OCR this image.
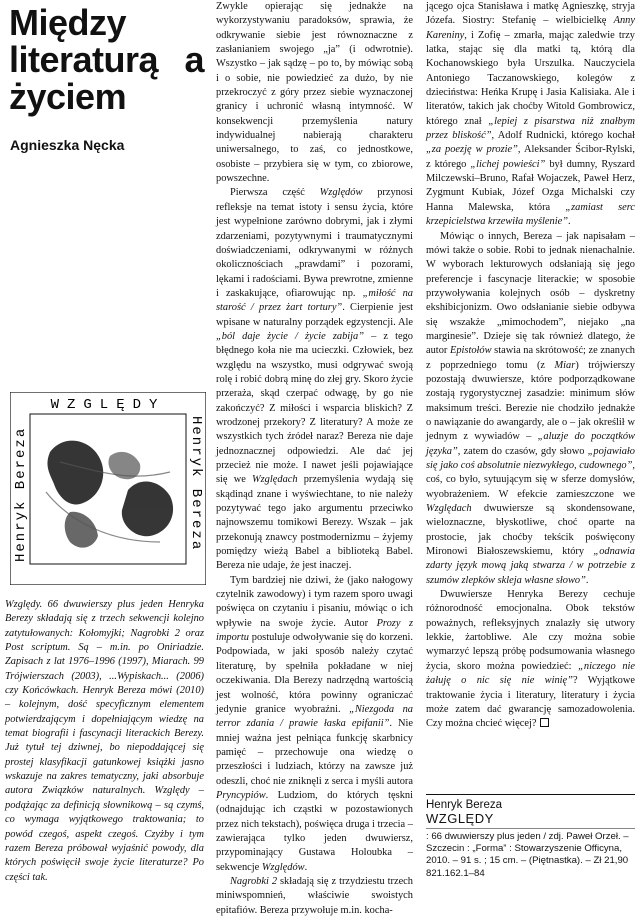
Między literaturą a życiem
Agnieszka Nęcka
WZGLĘDY
Henryk Bereza
Henryk Bereza

Względy. 66 dwuwierszy plus jeden Henryka Berezy składają się z trzech sekwencji kolejno zatytułowanych: Kołomyjki; Nagrobki 2 oraz Post scriptum. Są – m.in. po Oniriadzie. Zapisach z lat 1976–1996 (1997), Miarach. 99 Trójwierszach (2003), ...Wypiskach... (2006) czy Końcówkach. Henryk Bereza mówi (2010) – kolejnym, dość specyficznym elementem potwierdzającym i dopełniającym wiedzę na temat biografii i fascynacji literackich Berezy. Już tytuł tej dziwnej, bo niepoddającej się prostej klasyfikacji gatunkowej książki jasno wskazuje na zakres tematyczny, jaki absorbuje autora Związków naturalnych. Względy – podążając za definicją słownikową – są czymś, co wymaga wyjątkowego traktowania; to powód czegoś, aspekt czegoś. Czyżby i tym razem Bereza próbował wyjaśnić powody, dla których poświęcił swoje życie literaturze? Po części tak.

Zwykle opierając się jednakże na wykorzystywaniu paradoksów, sprawia, że odkrywanie siebie jest równoznaczne z zasłanianiem swojego „ja” (i odwrotnie). Wszystko – jak sądzę – po to, by mówiąc sobą i o sobie, nie powiedzieć za dużo, by nie przekroczyć z góry przez siebie wyznaczonej granicy i uchronić własną intymność. W konsekwencji przemyślenia natury indywidualnej nabierają charakteru uniwersalnego, to zaś, co jednostkowe, osobiste – przybiera się w tym, co zbiorowe, powszechne.

Pierwsza część Względów przynosi refleksje na temat istoty i sensu życia, które jest wypełnione zarówno dobrymi, jak i złymi zdarzeniami, pozytywnymi i traumatycznymi doświadczeniami, odkrywanymi w różnych okolicznościach „prawdami” i pozorami, lękami i radościami. Bywa prewrotne, zmienne i zaskakujące, ofiarowując np. „miłość na starość / przez żart tortury”. Cierpienie jest wpisane w naturalny porządek egzystencji. Ale „ból daje życie / życie zabija” – z tego błędnego koła nie ma ucieczki. Człowiek, bez względu na wszystko, musi odgrywać swoją rolę i robić dobrą minę do złej gry. Skoro życie przeraża, skąd czerpać odwagę, by go nie zakończyć? Z miłości i wsparcia bliskich? Z wrodzonej przekory? Z literatury? A może ze wszystkich tych źródeł naraz? Bereza nie daje jednoznacznej odpowiedzi. Ale dać jej przecież nie może. I nawet jeśli pojawiające się we Względach przemyślenia wydają się skądinąd znane i wyświechtane, to nie należy pozytywać tego jako argumentu przeciwko najnowszemu tomikowi Berezy. Wszak – jak przekonują znawcy postmodernizmu – żyjemy pomiędzy wieżą Babel a biblioteką Babel. Bereza nie udaje, że jest inaczej.

Tym bardziej nie dziwi, że (jako nałogowy czytelnik zawodowy) i tym razem sporo uwagi poświęca on czytaniu i pisaniu, mówiąc o ich wpływie na swoje życie. Autor Prozy z importu postuluje odwoływanie się do korzeni. Podpowiada, w jaki sposób należy czytać literaturę, by spełniła pokładane w niej oczekiwania. Dla Berezy nadrzędną wartością jest wolność, która powinny ograniczać jedynie granice wyobraźni. „Niezgoda na terror zdania / prawie łaska epifanii”. Nie mniej ważna jest pełniąca funkcję skarbnicy pamięć – przechowuje ona wiedzę o przeszłości i ludziach, którzy na zawsze już odeszli, choć nie zniknęli z serca i myśli autora Pryncypiów. Ludziom, do których tęskni (odnajdując ich cząstki w pozostawionych przez nich tekstach), poświęca druga i trzecia – zawierająca tylko jeden dwuwiersz, przypominający Gustawa Holoubka – sekwencje Względów.

Nagrobki 2 składają się z trzydziestu trzech miniwspomnień, właściwie swoistych epitafiów. Bereza przywołuje m.in. kocha-

jącego ojca Stanisława i matkę Agnieszkę, stryja Józefa. Siostry: Stefanię – wielbicielkę Anny Kareniny, i Zofię – zmarła, mając zaledwie trzy latka, stając się dla matki tą, którą dla Kochanowskiego była Urszulka. Nauczyciela Antoniego Taczanowskiego, kolegów z dzieciństwa: Heńka Krupę i Jasia Kalisiaka. Ale i literatów, takich jak choćby Witold Gombrowicz, którego znał „lepiej z pisarstwa niż znałbym przez bliskość”, Adolf Rudnicki, którego kochał „za poezję w prozie”, Aleksander Ścibor-Rylski, z którego „lichej powieści” był dumny, Ryszard Milczewski–Bruno, Rafał Wojaczek, Paweł Herz, Zygmunt Kubiak, Józef Ozga Michalski czy Hanna Malewska, która „zamiast serc krzepicielstwa krzewiła myślenie”.

Mówiąc o innych, Bereza – jak napisałam – mówi także o sobie. Robi to jednak nienachalnie. W wyborach lekturowych odsłaniają się jego preferencje i fascynacje literackie; w sposobie przywoływania kolejnych osób – dyskretny ekshibicjonizm. Owo odsłanianie siebie odbywa się wszakże „mimochodem”, niejako „na marginesie”. Dzieje się tak również dlatego, że autor Epistołów stawia na skrótowość; ze znanych z poprzedniego tomu (z Miar) trójwierszy pozostają dwuwiersze, które podporządkowane zostają rygorystycznej zasadzie: minimum słów maksimum treści. Berezie nie chodziło jednakże o nawiązanie do awangardy, ale o – jak określił w jednym z wywiadów – „aluzje do początków języka”, zatem do czasów, gdy słowo „pojawiało się jako coś absolutnie niezwykłego, cudownego”, coś, co było, sytuującym się w sferze domysłów, wyobrażeniem. W efekcie zamieszczone we Względach dwuwiersze są skondensowane, wieloznaczne, błyskotliwe, choć oparte na prostocie, jak choćby tekścik poświęcony Mironowi Białoszewskiemu, który „odnawia zdarty język mową jaką stwarza / w potrzebie z szumów zlepków skleja własne słowo”.

Dwuwiersze Henryka Berezy cechuje różnorodność emocjonalna. Obok tekstów poważnych, refleksyjnych znalazły się utwory lekkie, żartobliwe. Ale czy można sobie wymarzyć lepszą próbę podsumowania własnego życia, skoro można powiedzieć: „niczego nie żałuję o nic się nie winię”? Wyjątkowe traktowanie życia i literatury, literatury i życia może zatem dać gwarancję samozadowolenia. Czy można chcieć więcej?

Henryk Bereza
WZGLĘDY
: 66 dwuwierszy plus jeden / zdj. Paweł Orzeł. – Szczecin : „Forma” : Stowarzyszenie Officyna, 2010. – 91 s. ; 15 cm. – (Piętnastka). – Zł 21,90
821.162.1–84
